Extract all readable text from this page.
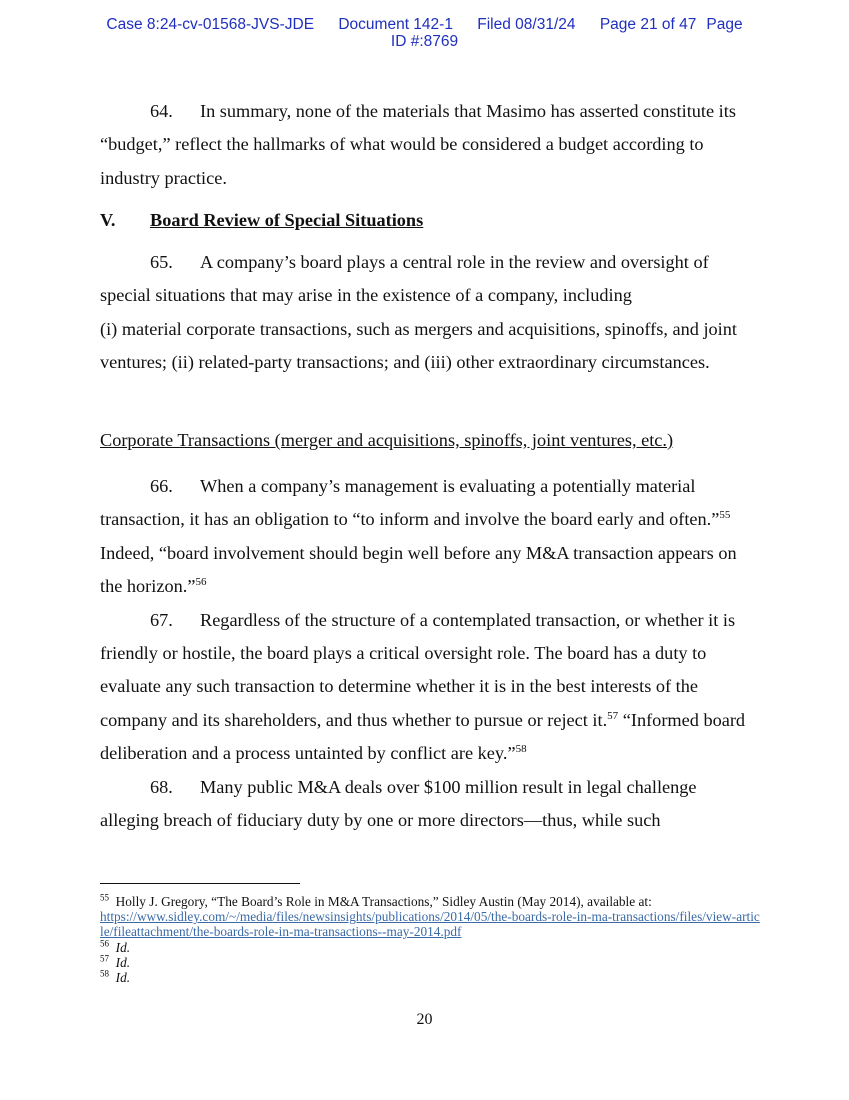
Case 8:24-cv-01568-JVS-JDE Document 142-1 Filed 08/31/24 Page 21 of 47 Page
ID #:8769

64. In summary, none of the materials that Masimo has asserted constitute its “budget,” reflect the hallmarks of what would be considered a budget according to industry practice.

V. Board Review of Special Situations

65. A company’s board plays a central role in the review and oversight of special situations that may arise in the existence of a company, including

(i) material corporate transactions, such as mergers and acquisitions, spinoffs, and joint ventures; (ii) related-party transactions; and (iii) other extraordinary circumstances.

Corporate Transactions (merger and acquisitions, spinoffs, joint ventures, etc.)

66. When a company’s management is evaluating a potentially material transaction, it has an obligation to “to inform and involve the board early and often.”$^{55}$ Indeed, “board involvement should begin well before any M&A transaction appears on the horizon.”$^{56}$

67. Regardless of the structure of a contemplated transaction, or whether it is friendly or hostile, the board plays a critical oversight role. The board has a duty to evaluate any such transaction to determine whether it is in the best interests of the company and its shareholders, and thus whether to pursue or reject it.$^{57}$ “Informed board deliberation and a process untainted by conflict are key.”$^{58}$

68. Many public M&A deals over $100 million result in legal challenge alleging breach of fiduciary duty by one or more directors—thus, while such

$^{55}$ Holly J. Gregory, “The Board’s Role in M&A Transactions,” Sidley Austin (May 2014), available at:
https://www.sidley.com/~/media/files/newsinsights/publications/2014/05/the-boards-role-in-ma-transactions/files/view-article/fileattachment/the-boards-role-in-ma-transactions--may-2014.pdf
$^{56}$ Id.
$^{57}$ Id.
$^{58}$ Id.
20
